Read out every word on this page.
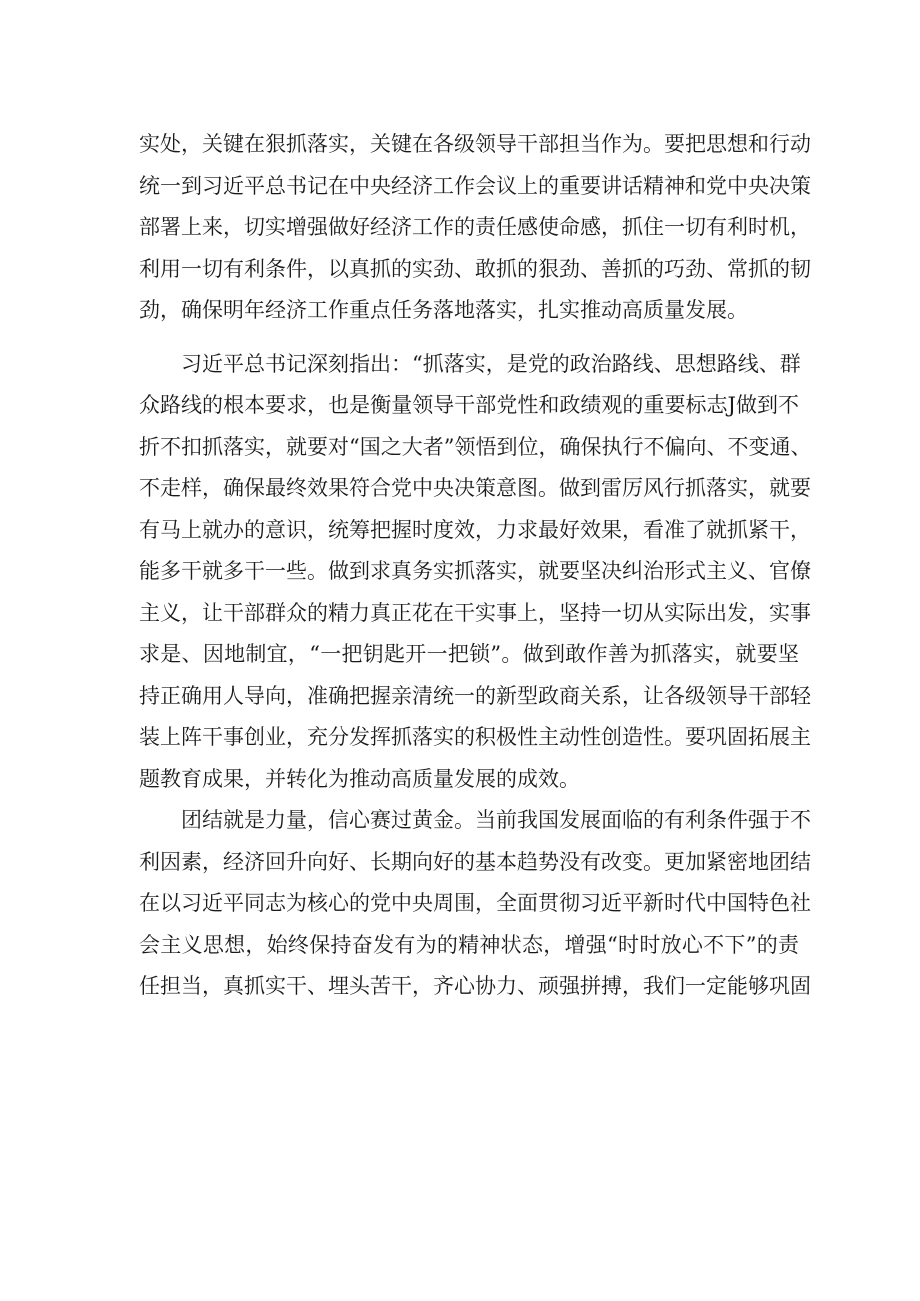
实处，关键在狠抓落实，关键在各级领导干部担当作为。要把思想和行动
统一到习近平总书记在中央经济工作会议上的重要讲话精神和党中央决策
部署上来，切实增强做好经济工作的责任感使命感，抓住一切有利时机，
利用一切有利条件，以真抓的实劲、敢抓的狠劲、善抓的巧劲、常抓的韧
劲，确保明年经济工作重点任务落地落实，扎实推动高质量发展。
习近平总书记深刻指出：“抓落实，是党的政治路线、思想路线、群
众路线的根本要求，也是衡量领导干部党性和政绩观的重要标志J做到不
折不扣抓落实，就要对“国之大者”领悟到位，确保执行不偏向、不变通、
不走样，确保最终效果符合党中央决策意图。做到雷厉风行抓落实，就要
有马上就办的意识，统筹把握时度效，力求最好效果，看准了就抓紧干，
能多干就多干一些。做到求真务实抓落实，就要坚决纠治形式主义、官僚
主义，让干部群众的精力真正花在干实事上，坚持一切从实际出发，实事
求是、因地制宜，“一把钥匙开一把锁”。做到敢作善为抓落实，就要坚
持正确用人导向，准确把握亲清统一的新型政商关系，让各级领导干部轻
装上阵干事创业，充分发挥抓落实的积极性主动性创造性。要巩固拓展主
题教育成果，并转化为推动高质量发展的成效。
团结就是力量，信心赛过黄金。当前我国发展面临的有利条件强于不
利因素，经济回升向好、长期向好的基本趋势没有改变。更加紧密地团结
在以习近平同志为核心的党中央周围，全面贯彻习近平新时代中国特色社
会主义思想，始终保持奋发有为的精神状态，增强“时时放心不下”的责
任担当，真抓实干、埋头苦干，齐心协力、顽强拼搏，我们一定能够巩固
